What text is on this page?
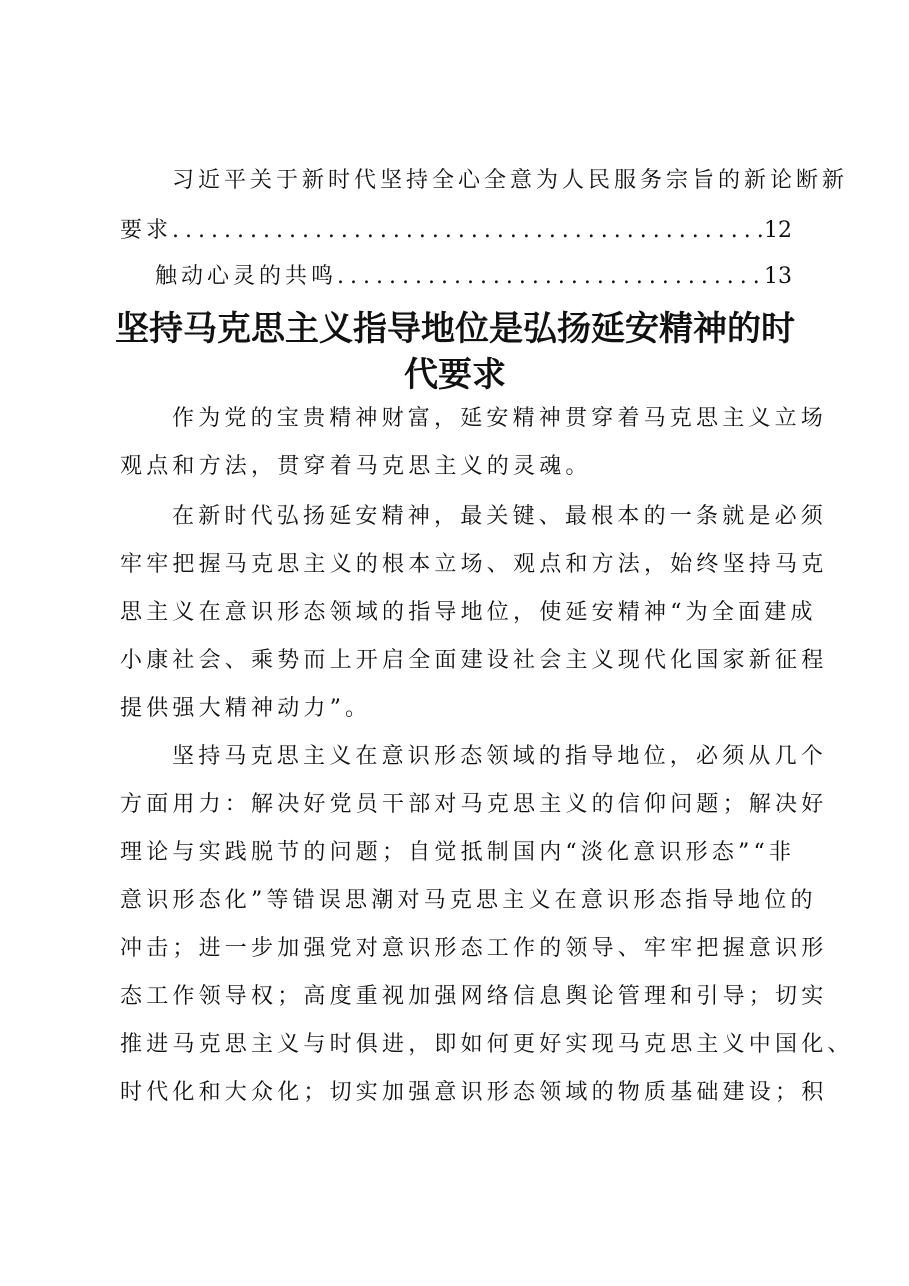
习近平关于新时代坚持全心全意为人民服务宗旨的新论断新
要求 .....	12
触动心灵的共鸣 .....	13
坚持马克思主义指导地位是弘扬延安精神的时
代要求
作为党的宝贵精神财富，延安精神贯穿着马克思主义立场
观点和方法，贯穿着马克思主义的灵魂。
在新时代弘扬延安精神，最关键、最根本的一条就是必须
牢牢把握马克思主义的根本立场、观点和方法，始终坚持马克
思主义在意识形态领域的指导地位，使延安精神“为全面建成
小康社会、乘势而上开启全面建设社会主义现代化国家新征程
提供强大精神动力”。
坚持马克思主义在意识形态领域的指导地位，必须从几个
方面用力：解决好党员干部对马克思主义的信仰问题；解决好
理论与实践脱节的问题；自觉抵制国内“淡化意识形态”“非
意识形态化”等错误思潮对马克思主义在意识形态指导地位的
冲击；进一步加强党对意识形态工作的领导、牢牢把握意识形
态工作领导权；高度重视加强网络信息舆论管理和引导；切实
推进马克思主义与时俱进，即如何更好实现马克思主义中国化、
时代化和大众化；切实加强意识形态领域的物质基础建设；积
